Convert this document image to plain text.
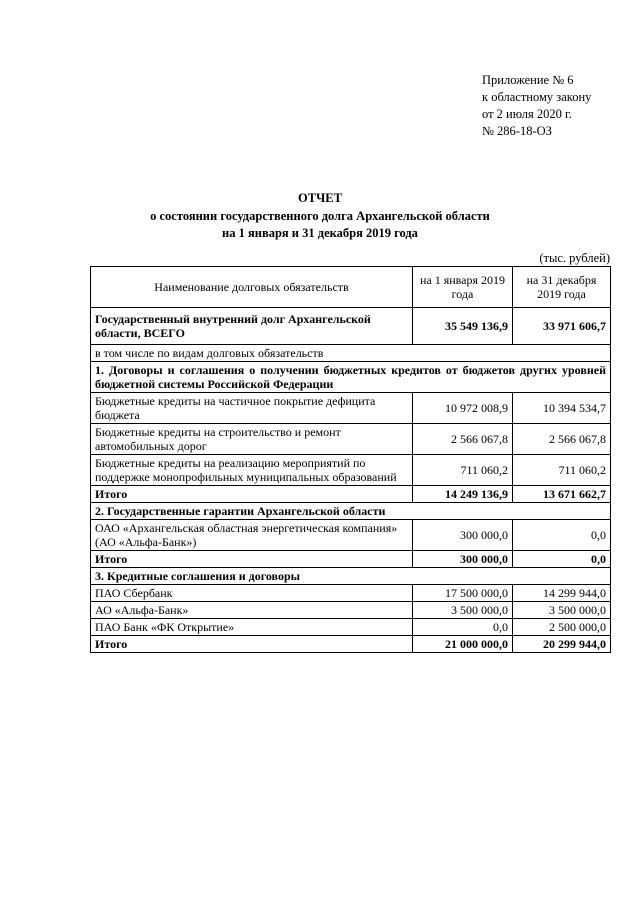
Приложение № 6
к областному закону
от 2 июля 2020 г.
№ 286-18-ОЗ
ОТЧЕТ
о состоянии государственного долга Архангельской области
на 1 января и 31 декабря 2019 года
(тыс. рублей)
Наименование долговых обязательств	на 1 января 2019 года	на 31 декабря 2019 года
Государственный внутренний долг Архангельской области, ВСЕГО	35 549 136,9	33 971 606,7
в том числе по видам долговых обязательств		
1. Договоры и соглашения о получении бюджетных кредитов от бюджетов других уровней бюджетной системы Российской Федерации		
Бюджетные кредиты на частичное покрытие дефицита бюджета	10 972 008,9	10 394 534,7
Бюджетные кредиты на строительство и ремонт автомобильных дорог	2 566 067,8	2 566 067,8
Бюджетные кредиты на реализацию мероприятий по поддержке монопрофильных муниципальных образований	711 060,2	711 060,2
Итого	14 249 136,9	13 671 662,7
2. Государственные гарантии Архангельской области		
ОАО «Архангельская областная энергетическая компания» (АО «Альфа-Банк»)	300 000,0	0,0
Итого	300 000,0	0,0
3. Кредитные соглашения и договоры		
ПАО Сбербанк	17 500 000,0	14 299 944,0
АО «Альфа-Банк»	3 500 000,0	3 500 000,0
ПАО Банк «ФК Открытие»	0,0	2 500 000,0
Итого	21 000 000,0	20 299 944,0
